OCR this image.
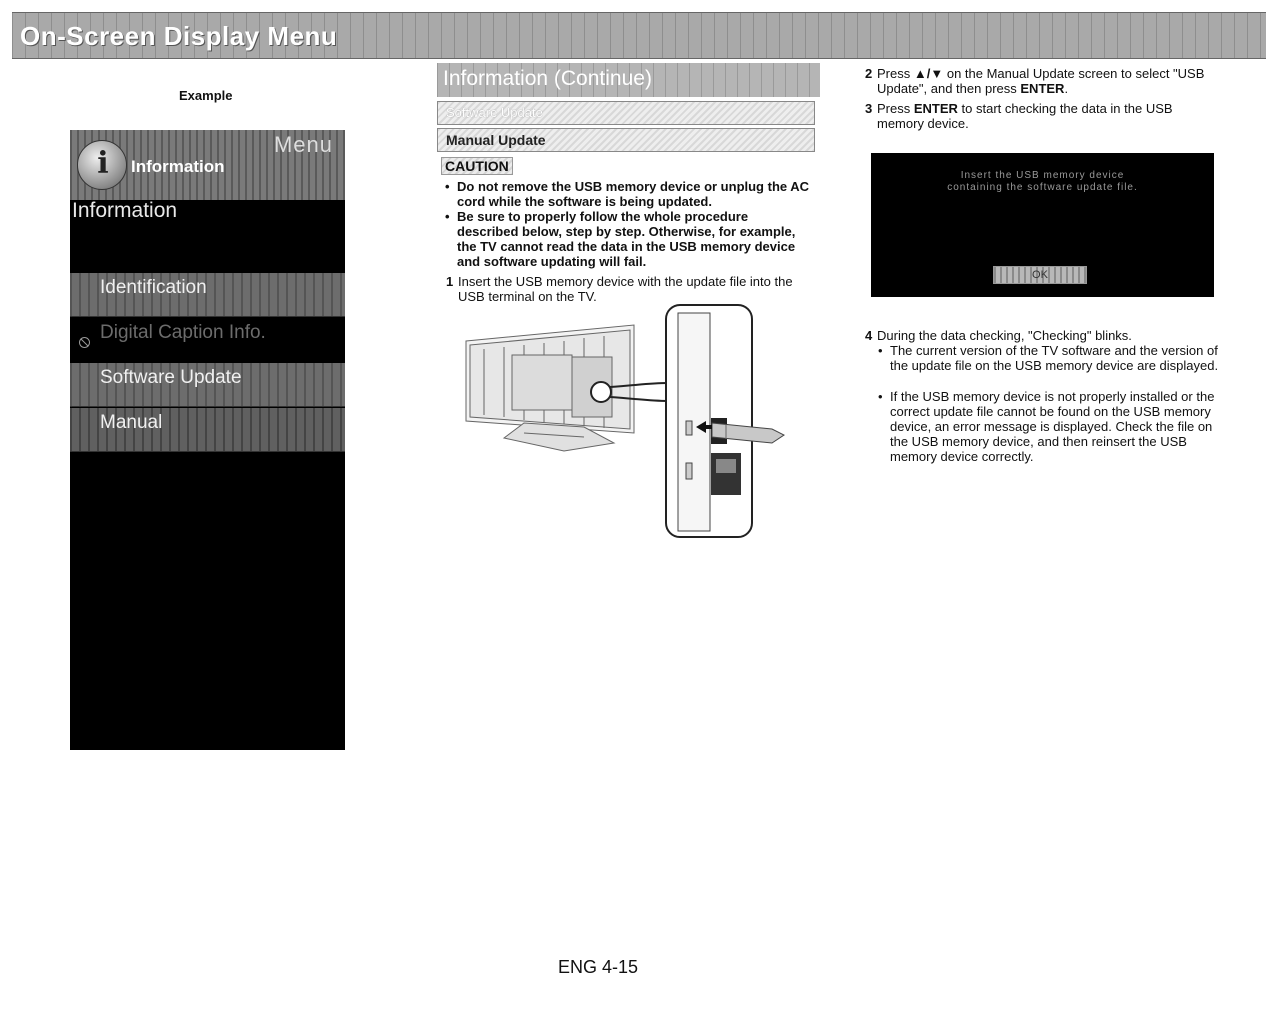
On-Screen Display Menu
Example
Menu
i	Information
Information
Identification
Digital Caption Info.
Software Update
Manual
Information (Continue)
Software Update
Manual Update
CAUTION
• Do not remove the USB memory device or unplug the AC cord while the software is being updated.
• Be sure to properly follow the whole procedure described below, step by step. Otherwise, for example, the TV cannot read the data in the USB memory device and software updating will fail.
1 Insert the USB memory device with the update file into the USB terminal on the TV.
2 Press ▲/▼ on the Manual Update screen to select "USB Update", and then press ENTER.
3 Press ENTER to start checking the data in the USB memory device.
Insert the USB memory device
containing the software update file.
OK
4 During the data checking, "Checking" blinks.
• The current version of the TV software and the version of the update file on the USB memory device are displayed.
• If the USB memory device is not properly installed or the correct update file cannot be found on the USB memory device, an error message is displayed. Check the file on the USB memory device, and then reinsert the USB memory device correctly.
ENG 4-15
